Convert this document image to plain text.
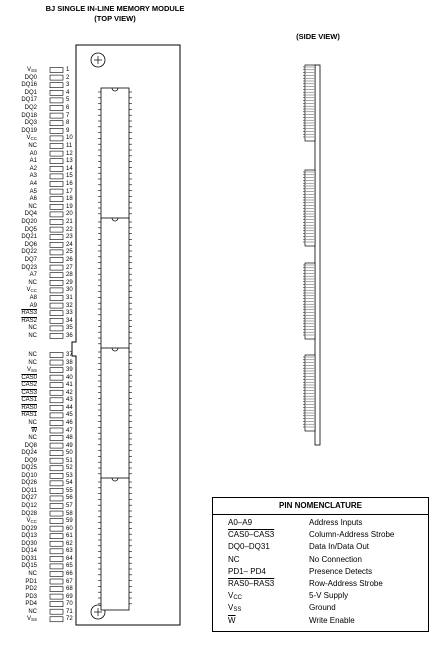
BJ SINGLE IN-LINE MEMORY MODULE
(TOP VIEW)
(SIDE VIEW)
VSS	1
DQ0	2
DQ16	3
DQ1	4
DQ17	5
DQ2	6
DQ18	7
DQ3	8
DQ19	9
VCC	10
NC	11
A0	12
A1	13
A2	14
A3	15
A4	16
A5	17
A6	18
NC	19
DQ4	20
DQ20	21
DQ5	22
DQ21	23
DQ6	24
DQ22	25
DQ7	26
DQ23	27
A7	28
NC	29
VCC	30
A8	31
A9	32
RAS3	33
RAS2	34
NC	35
NC	36
NC	37
NC	38
VSS	39
CAS0	40
CAS2	41
CAS3	42
CAS1	43
RAS0	44
RAS1	45
NC	46
$\overline{W}$	47
NC	48
DQ8	49
DQ24	50
DQ9	51
DQ25	52
DQ10	53
DQ26	54
DQ11	55
DQ27	56
DQ12	57
DQ28	58
VCC	59
DQ29	60
DQ13	61
DQ30	62
DQ14	63
DQ31	64
DQ15	65
NC	66
PD1	67
PD2	68
PD3	69
PD4	70
NC	71
VSS	72
PIN NOMENCLATURE
A0–A9	Address Inputs
CAS0–CAS3	Column-Address Strobe
DQ0–DQ31	Data In/Data Out
NC	No Connection
PD1– PD4	Presence Detects
RAS0–RAS3	Row-Address Strobe
VCC	5-V Supply
VSS	Ground
$\overline{W}$	Write Enable
